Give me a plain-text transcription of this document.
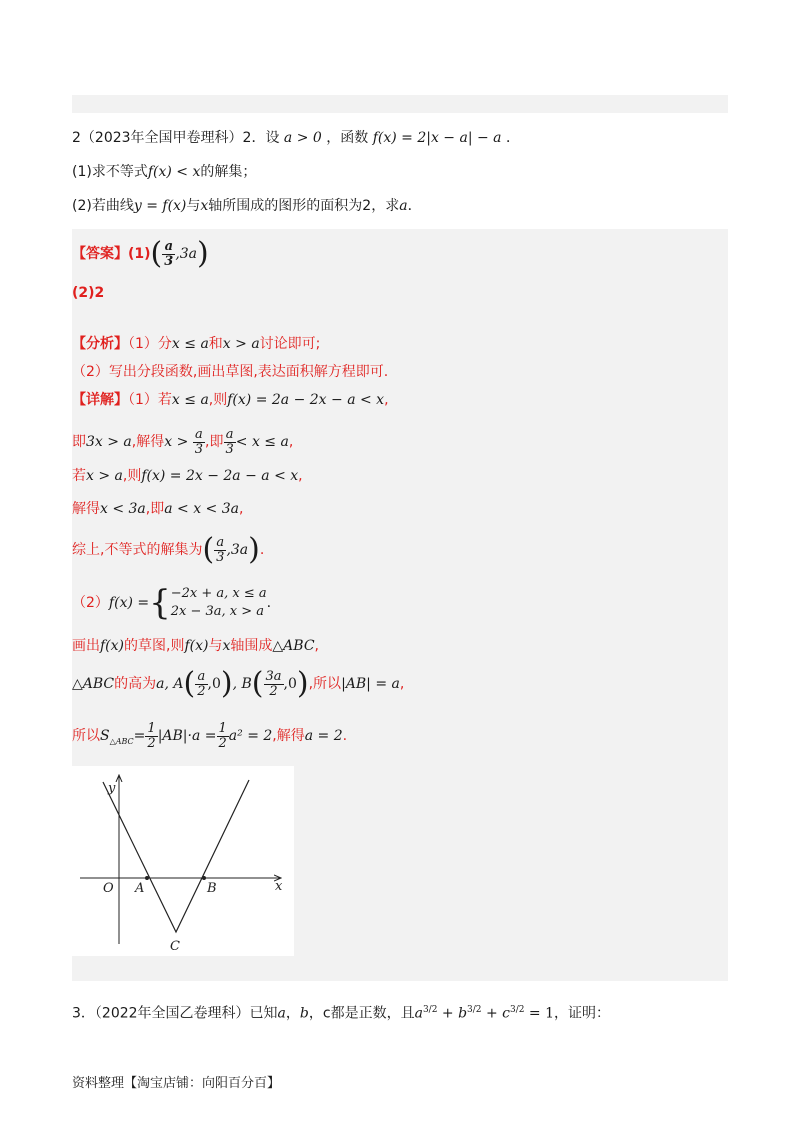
2（2023年全国甲卷理科）2．设 a > 0 ，函数 f(x) = 2|x − a| − a ．
(1)求不等式f(x) < x的解集；
(2)若曲线y = f(x)与x轴所围成的图形的面积为2，求a．
【答案】$(1)( \frac{a}{3} ,3a)$
(2)2
【分析】（1）分x ≤ a和x > a讨论即可;
（2）写出分段函数,画出草图,表达面积解方程即可.
【详解】（1）若x ≤ a,则f(x) = 2a − 2x − a < x,
即3x > a,解得$x > \frac{a}{3}$ ,即 $\frac{a}{3} < x \le a$,
若x > a,则f(x) = 2x − 2a − a < x,
解得x < 3a,即a < x < 3a,
综上,不等式的解集为( $\frac{a}{3} ,3a$).
（2）f(x) ={ −2x + a, x ≤ a
2x − 3a, x > a
.
画出f(x)的草图,则f(x)与x轴围成△ABC,
△ABC的高为a, $A( \frac{a}{2} ,0)$, $B( \frac{3a}{2} ,0)$,所以|AB| = a,
所以$S_{\triangle ABC}= \frac{1}{2} |AB|\cdot a = \frac{1}{2} a^2 = 2$,解得a = 2.
y
x
O A	B
C
3．（2022年全国乙卷理科）已知a，b，c都是正数，且$a^{3/2} + b^{3/2} + c^{3/2} = 1$，证明：
资料整理【淘宝店铺：向阳百分百】
